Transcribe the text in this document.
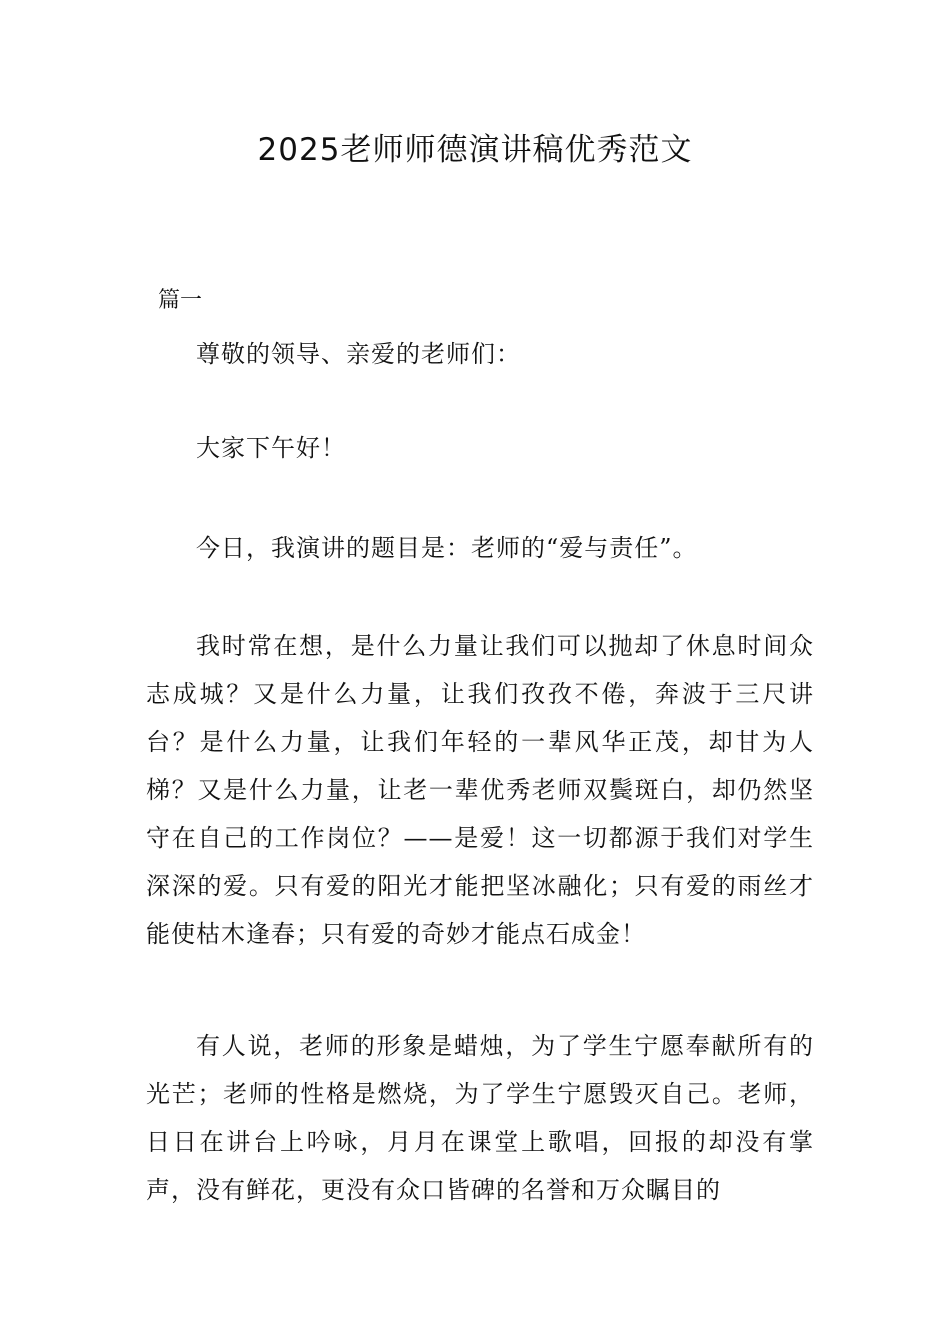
2025老师师德演讲稿优秀范文

篇一

尊敬的领导、亲爱的老师们：

大家下午好！

今日，我演讲的题目是：老师的“爱与责任”。

我时常在想，是什么力量让我们可以抛却了休息时间众志成城？又是什么力量，让我们孜孜不倦，奔波于三尺讲台？是什么力量，让我们年轻的一辈风华正茂，却甘为人梯？又是什么力量，让老一辈优秀老师双鬓斑白，却仍然坚守在自己的工作岗位？——是爱！这一切都源于我们对学生深深的爱。只有爱的阳光才能把坚冰融化；只有爱的雨丝才能使枯木逢春；只有爱的奇妙才能点石成金！

有人说，老师的形象是蜡烛，为了学生宁愿奉献所有的光芒；老师的性格是燃烧，为了学生宁愿毁灭自己。老师，日日在讲台上吟咏，月月在课堂上歌唱，回报的却没有掌声，没有鲜花，更没有众口皆碑的名誉和万众瞩目的
